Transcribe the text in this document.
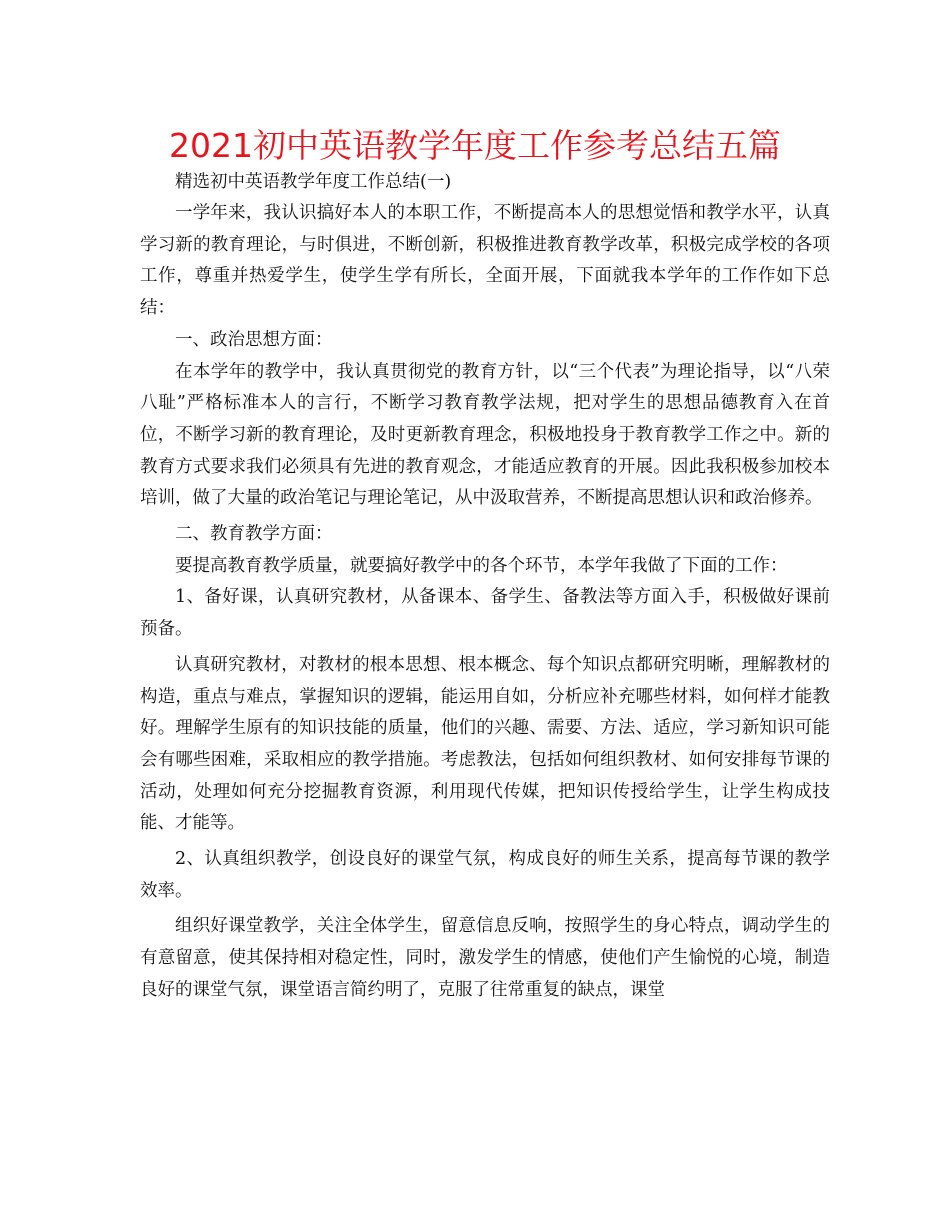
2021初中英语教学年度工作参考总结五篇

精选初中英语教学年度工作总结(一)

一学年来，我认识搞好本人的本职工作，不断提高本人的思想觉悟和教学水平，认真学习新的教育理论，与时俱进，不断创新，积极推进教育教学改革，积极完成学校的各项工作，尊重并热爱学生，使学生学有所长，全面开展，下面就我本学年的工作作如下总结：

一、政治思想方面：

在本学年的教学中，我认真贯彻党的教育方针，以“三个代表”为理论指导，以“八荣八耻”严格标准本人的言行，不断学习教育教学法规，把对学生的思想品德教育入在首位，不断学习新的教育理论，及时更新教育理念，积极地投身于教育教学工作之中。新的教育方式要求我们必须具有先进的教育观念，才能适应教育的开展。因此我积极参加校本培训，做了大量的政治笔记与理论笔记，从中汲取营养，不断提高思想认识和政治修养。

二、教育教学方面：

要提高教育教学质量，就要搞好教学中的各个环节，本学年我做了下面的工作：

1、备好课，认真研究教材，从备课本、备学生、备教法等方面入手，积极做好课前预备。

认真研究教材，对教材的根本思想、根本概念、每个知识点都研究明晰，理解教材的构造，重点与难点，掌握知识的逻辑，能运用自如，分析应补充哪些材料，如何样才能教好。理解学生原有的知识技能的质量，他们的兴趣、需要、方法、适应，学习新知识可能会有哪些困难，采取相应的教学措施。考虑教法，包括如何组织教材、如何安排每节课的活动，处理如何充分挖掘教育资源，利用现代传媒，把知识传授给学生，让学生构成技能、才能等。

2、认真组织教学，创设良好的课堂气氛，构成良好的师生关系，提高每节课的教学效率。

组织好课堂教学，关注全体学生，留意信息反响，按照学生的身心特点，调动学生的有意留意，使其保持相对稳定性，同时，激发学生的情感，使他们产生愉悦的心境，制造良好的课堂气氛，课堂语言简约明了，克服了往常重复的缺点，课堂
